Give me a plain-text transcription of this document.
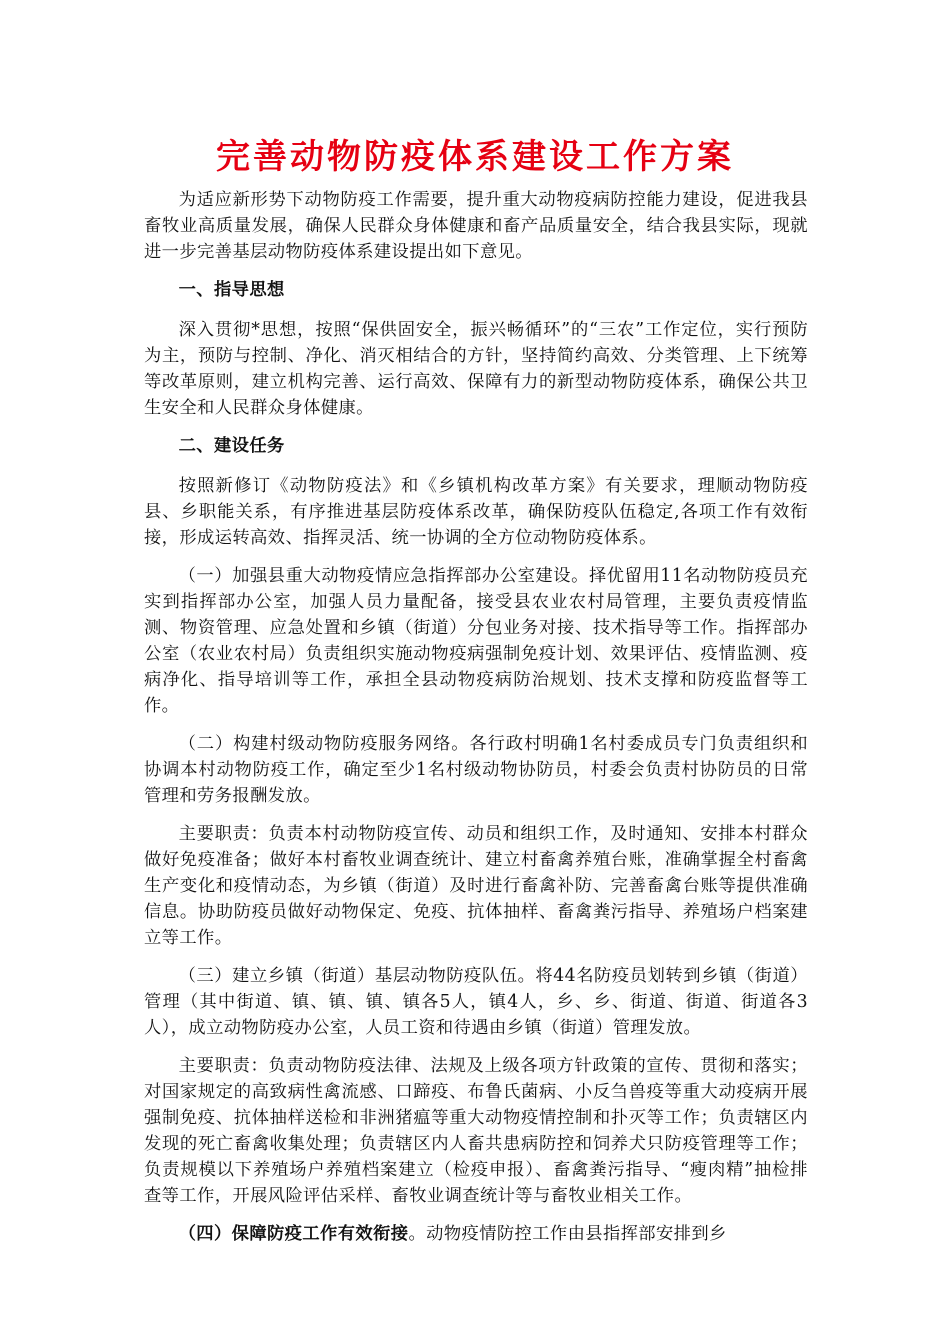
完善动物防疫体系建设工作方案

为适应新形势下动物防疫工作需要，提升重大动物疫病防控能力建设，促进我县畜牧业高质量发展，确保人民群众身体健康和畜产品质量安全，结合我县实际，现就进一步完善基层动物防疫体系建设提出如下意见。

一、指导思想

深入贯彻*思想，按照“保供固安全，振兴畅循环”的“三农”工作定位，实行预防为主，预防与控制、净化、消灭相结合的方针，坚持简约高效、分类管理、上下统筹等改革原则，建立机构完善、运行高效、保障有力的新型动物防疫体系，确保公共卫生安全和人民群众身体健康。

二、建设任务

按照新修订《动物防疫法》和《乡镇机构改革方案》有关要求，理顺动物防疫县、乡职能关系，有序推进基层防疫体系改革，确保防疫队伍稳定,各项工作有效衔接，形成运转高效、指挥灵活、统一协调的全方位动物防疫体系。

（一）加强县重大动物疫情应急指挥部办公室建设。择优留用11名动物防疫员充实到指挥部办公室，加强人员力量配备，接受县农业农村局管理，主要负责疫情监测、物资管理、应急处置和乡镇（街道）分包业务对接、技术指导等工作。指挥部办公室（农业农村局）负责组织实施动物疫病强制免疫计划、效果评估、疫情监测、疫病净化、指导培训等工作，承担全县动物疫病防治规划、技术支撑和防疫监督等工作。

（二）构建村级动物防疫服务网络。各行政村明确1名村委成员专门负责组织和协调本村动物防疫工作，确定至少1名村级动物协防员，村委会负责村协防员的日常管理和劳务报酬发放。

主要职责：负责本村动物防疫宣传、动员和组织工作，及时通知、安排本村群众做好免疫准备；做好本村畜牧业调查统计、建立村畜禽养殖台账，准确掌握全村畜禽生产变化和疫情动态，为乡镇（街道）及时进行畜禽补防、完善畜禽台账等提供准确信息。协助防疫员做好动物保定、免疫、抗体抽样、畜禽粪污指导、养殖场户档案建立等工作。

（三）建立乡镇（街道）基层动物防疫队伍。将44名防疫员划转到乡镇（街道）管理（其中街道、镇、镇、镇、镇各5人，镇4人，乡、乡、街道、街道、街道各3人），成立动物防疫办公室，人员工资和待遇由乡镇（街道）管理发放。

主要职责：负责动物防疫法律、法规及上级各项方针政策的宣传、贯彻和落实；对国家规定的高致病性禽流感、口蹄疫、布鲁氏菌病、小反刍兽疫等重大动疫病开展强制免疫、抗体抽样送检和非洲猪瘟等重大动物疫情控制和扑灭等工作；负责辖区内发现的死亡畜禽收集处理；负责辖区内人畜共患病防控和饲养犬只防疫管理等工作；负责规模以下养殖场户养殖档案建立（检疫申报）、畜禽粪污指导、“瘦肉精”抽检排查等工作，开展风险评估采样、畜牧业调查统计等与畜牧业相关工作。

（四）保障防疫工作有效衔接。动物疫情防控工作由县指挥部安排到乡
